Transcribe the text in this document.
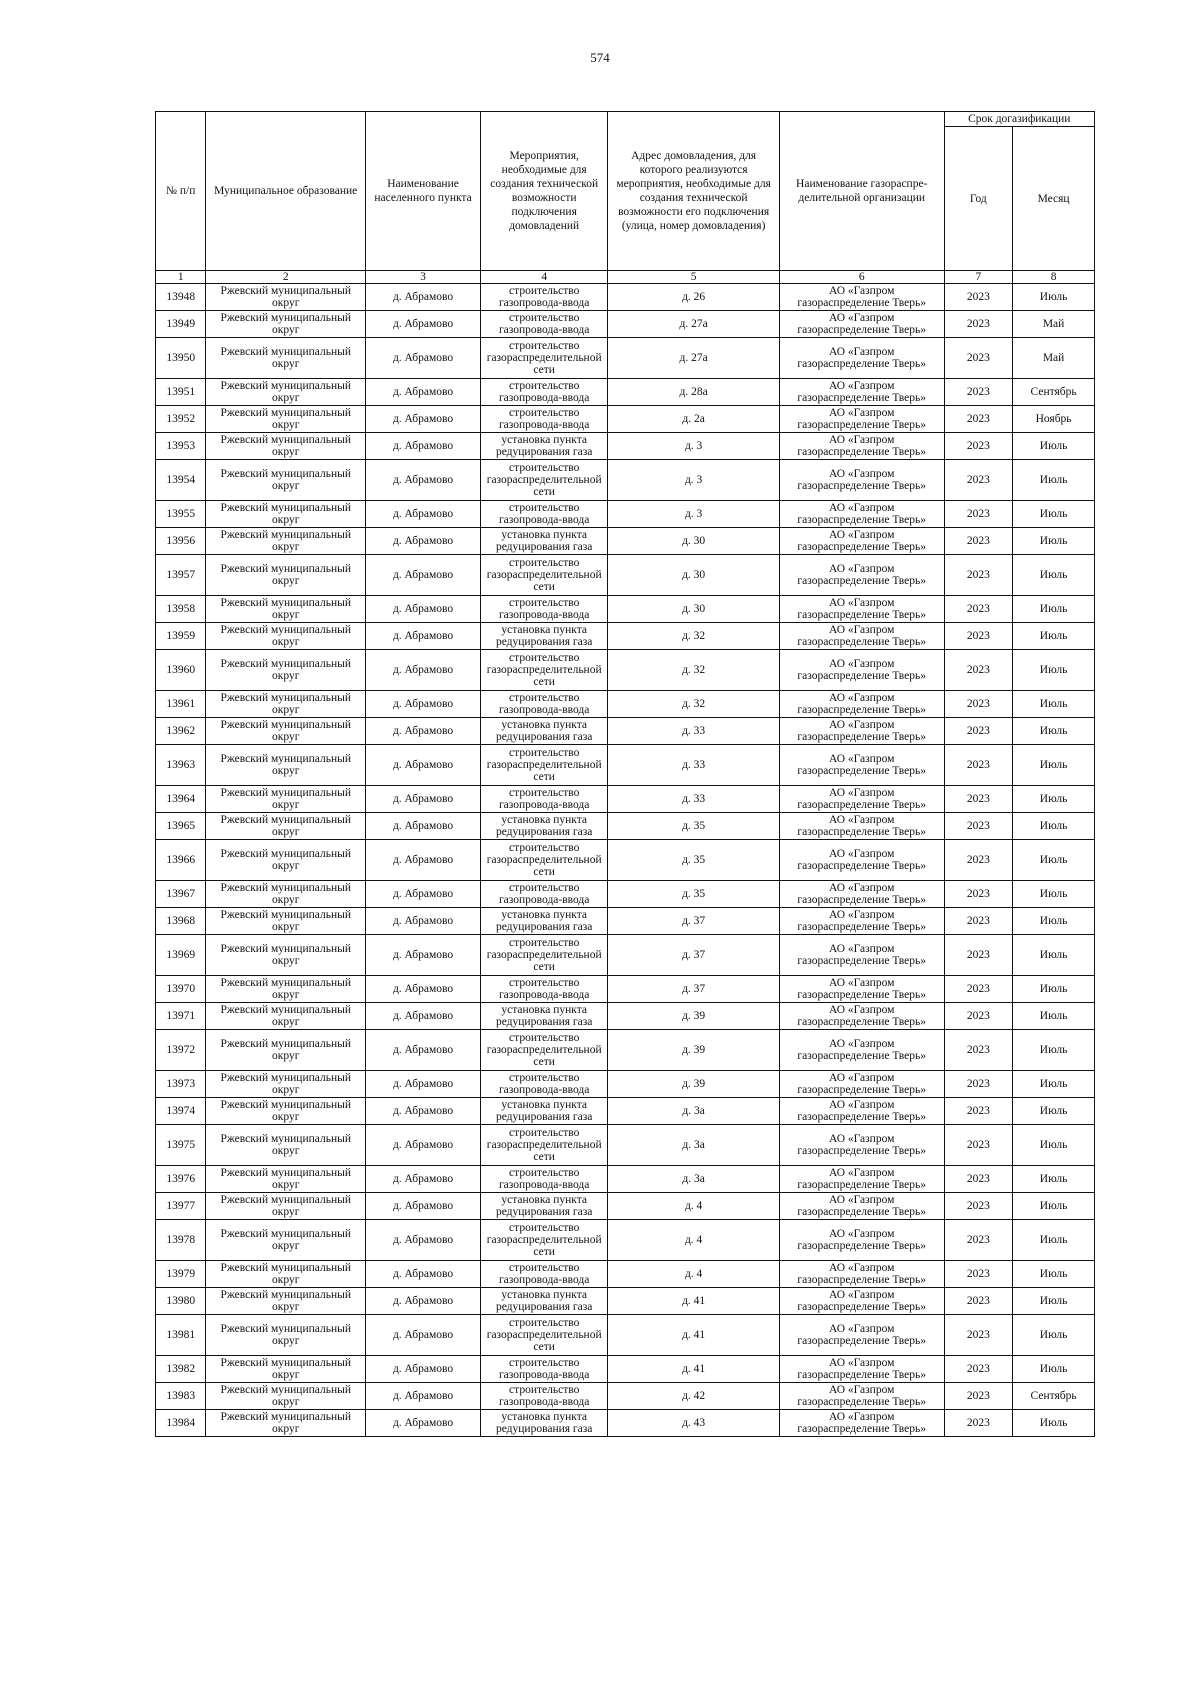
574
№ п/п	Муниципальное образование	Наименование населенного пункта	Мероприятия, необходимые для создания технической возможности подключения домовладений	Адрес домовладения, для которого реализуются мероприятия, необходимые для создания технической возможности его подключения (улица, номер домовладения)	Наименование газораспре-делительной организации	Срок догазификации	
						Год	Месяц
1	2	3	4	5	6	7	8
13948	Ржевский муниципальный округ	д. Абрамово	строительство газопровода-ввода	д. 26	АО «Газпром газораспределение Тверь»	2023	Июль
13949	Ржевский муниципальный округ	д. Абрамово	строительство газопровода-ввода	д. 27а	АО «Газпром газораспределение Тверь»	2023	Май
13950	Ржевский муниципальный округ	д. Абрамово	строительство газораспределительной сети	д. 27а	АО «Газпром газораспределение Тверь»	2023	Май
13951	Ржевский муниципальный округ	д. Абрамово	строительство газопровода-ввода	д. 28а	АО «Газпром газораспределение Тверь»	2023	Сентябрь
13952	Ржевский муниципальный округ	д. Абрамово	строительство газопровода-ввода	д. 2а	АО «Газпром газораспределение Тверь»	2023	Ноябрь
13953	Ржевский муниципальный округ	д. Абрамово	установка пункта редуцирования газа	д. 3	АО «Газпром газораспределение Тверь»	2023	Июль
13954	Ржевский муниципальный округ	д. Абрамово	строительство газораспределительной сети	д. 3	АО «Газпром газораспределение Тверь»	2023	Июль
13955	Ржевский муниципальный округ	д. Абрамово	строительство газопровода-ввода	д. 3	АО «Газпром газораспределение Тверь»	2023	Июль
13956	Ржевский муниципальный округ	д. Абрамово	установка пункта редуцирования газа	д. 30	АО «Газпром газораспределение Тверь»	2023	Июль
13957	Ржевский муниципальный округ	д. Абрамово	строительство газораспределительной сети	д. 30	АО «Газпром газораспределение Тверь»	2023	Июль
13958	Ржевский муниципальный округ	д. Абрамово	строительство газопровода-ввода	д. 30	АО «Газпром газораспределение Тверь»	2023	Июль
13959	Ржевский муниципальный округ	д. Абрамово	установка пункта редуцирования газа	д. 32	АО «Газпром газораспределение Тверь»	2023	Июль
13960	Ржевский муниципальный округ	д. Абрамово	строительство газораспределительной сети	д. 32	АО «Газпром газораспределение Тверь»	2023	Июль
13961	Ржевский муниципальный округ	д. Абрамово	строительство газопровода-ввода	д. 32	АО «Газпром газораспределение Тверь»	2023	Июль
13962	Ржевский муниципальный округ	д. Абрамово	установка пункта редуцирования газа	д. 33	АО «Газпром газораспределение Тверь»	2023	Июль
13963	Ржевский муниципальный округ	д. Абрамово	строительство газораспределительной сети	д. 33	АО «Газпром газораспределение Тверь»	2023	Июль
13964	Ржевский муниципальный округ	д. Абрамово	строительство газопровода-ввода	д. 33	АО «Газпром газораспределение Тверь»	2023	Июль
13965	Ржевский муниципальный округ	д. Абрамово	установка пункта редуцирования газа	д. 35	АО «Газпром газораспределение Тверь»	2023	Июль
13966	Ржевский муниципальный округ	д. Абрамово	строительство газораспределительной сети	д. 35	АО «Газпром газораспределение Тверь»	2023	Июль
13967	Ржевский муниципальный округ	д. Абрамово	строительство газопровода-ввода	д. 35	АО «Газпром газораспределение Тверь»	2023	Июль
13968	Ржевский муниципальный округ	д. Абрамово	установка пункта редуцирования газа	д. 37	АО «Газпром газораспределение Тверь»	2023	Июль
13969	Ржевский муниципальный округ	д. Абрамово	строительство газораспределительной сети	д. 37	АО «Газпром газораспределение Тверь»	2023	Июль
13970	Ржевский муниципальный округ	д. Абрамово	строительство газопровода-ввода	д. 37	АО «Газпром газораспределение Тверь»	2023	Июль
13971	Ржевский муниципальный округ	д. Абрамово	установка пункта редуцирования газа	д. 39	АО «Газпром газораспределение Тверь»	2023	Июль
13972	Ржевский муниципальный округ	д. Абрамово	строительство газораспределительной сети	д. 39	АО «Газпром газораспределение Тверь»	2023	Июль
13973	Ржевский муниципальный округ	д. Абрамово	строительство газопровода-ввода	д. 39	АО «Газпром газораспределение Тверь»	2023	Июль
13974	Ржевский муниципальный округ	д. Абрамово	установка пункта редуцирования газа	д. 3а	АО «Газпром газораспределение Тверь»	2023	Июль
13975	Ржевский муниципальный округ	д. Абрамово	строительство газораспределительной сети	д. 3а	АО «Газпром газораспределение Тверь»	2023	Июль
13976	Ржевский муниципальный округ	д. Абрамово	строительство газопровода-ввода	д. 3а	АО «Газпром газораспределение Тверь»	2023	Июль
13977	Ржевский муниципальный округ	д. Абрамово	установка пункта редуцирования газа	д. 4	АО «Газпром газораспределение Тверь»	2023	Июль
13978	Ржевский муниципальный округ	д. Абрамово	строительство газораспределительной сети	д. 4	АО «Газпром газораспределение Тверь»	2023	Июль
13979	Ржевский муниципальный округ	д. Абрамово	строительство газопровода-ввода	д. 4	АО «Газпром газораспределение Тверь»	2023	Июль
13980	Ржевский муниципальный округ	д. Абрамово	установка пункта редуцирования газа	д. 41	АО «Газпром газораспределение Тверь»	2023	Июль
13981	Ржевский муниципальный округ	д. Абрамово	строительство газораспределительной сети	д. 41	АО «Газпром газораспределение Тверь»	2023	Июль
13982	Ржевский муниципальный округ	д. Абрамово	строительство газопровода-ввода	д. 41	АО «Газпром газораспределение Тверь»	2023	Июль
13983	Ржевский муниципальный округ	д. Абрамово	строительство газопровода-ввода	д. 42	АО «Газпром газораспределение Тверь»	2023	Сентябрь
13984	Ржевский муниципальный округ	д. Абрамово	установка пункта редуцирования газа	д. 43	АО «Газпром газораспределение Тверь»	2023	Июль
